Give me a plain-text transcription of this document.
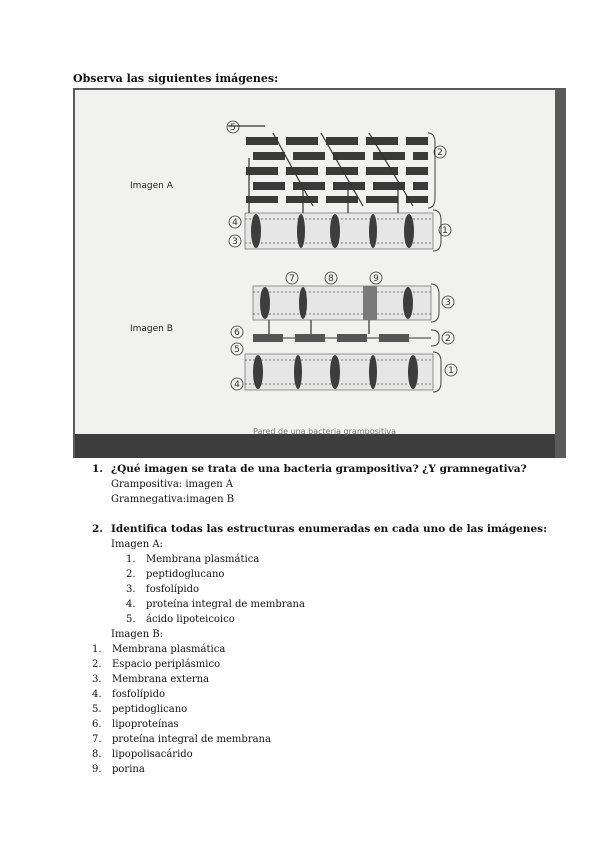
Observa las siguientes imágenes:
Imagen A
5
2
4
3
1
Imagen B
7	8	9
3
6
2
5
4
1
Pared de una bacteria grampositiva
1. ¿Qué imagen se trata de una bacteria grampositiva? ¿Y gramnegativa?
Grampositiva: imagen A
Gramnegativa:imagen B
2. Identifica todas las estructuras enumeradas en cada uno de las imágenes:
Imagen A:
1. Membrana plasmática
2. peptidoglucano
3. fosfolípido
4. proteína integral de membrana
5. ácido lipoteicoico
Imagen B:
1. Membrana plasmática
2. Espacio periplásmico
3. Membrana externa
4. fosfolípido
5. peptidoglicano
6. lipoproteínas
7. proteína integral de membrana
8. lipopolisacárido
9. porina
